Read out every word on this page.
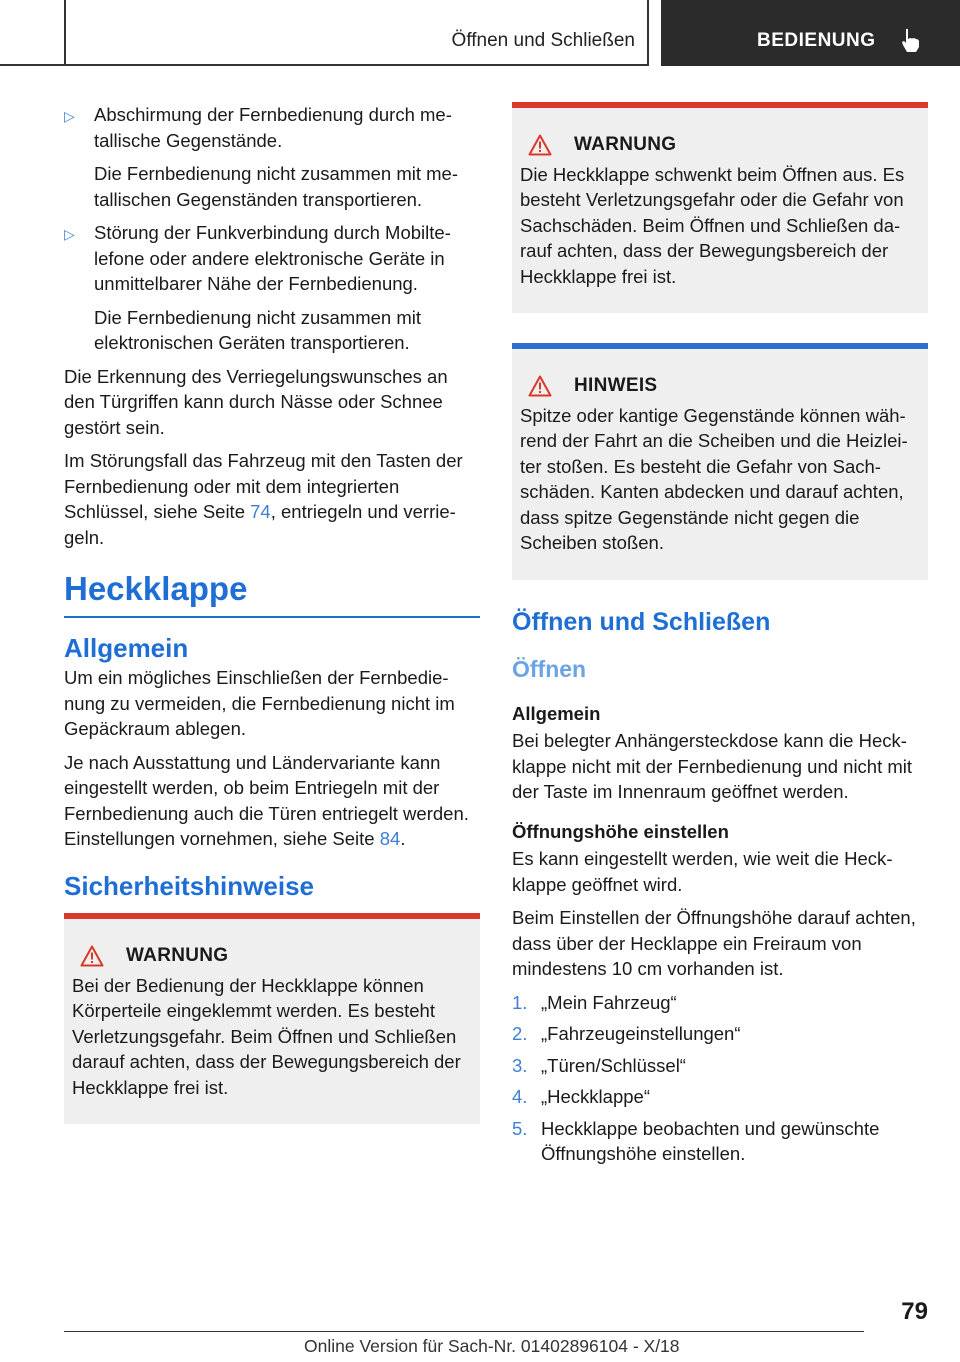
Öffnen und Schließen	BEDIENUNG
▷ Abschirmung der Fernbedienung durch metallische Gegenstände.

Die Fernbedienung nicht zusammen mit metallischen Gegenständen transportieren.

▷ Störung der Funkverbindung durch Mobiltelefone oder andere elektronische Geräte in unmittelbarer Nähe der Fernbedienung.

Die Fernbedienung nicht zusammen mit elektronischen Geräten transportieren.

Die Erkennung des Verriegelungswunsches an den Türgriffen kann durch Nässe oder Schnee gestört sein.

Im Störungsfall das Fahrzeug mit den Tasten der Fernbedienung oder mit dem integrierten Schlüssel, siehe Seite 74, entriegeln und verriegeln.

Heckklappe
Allgemein

Um ein mögliches Einschließen der Fernbedienung zu vermeiden, die Fernbedienung nicht im Gepäckraum ablegen.

Je nach Ausstattung und Ländervariante kann eingestellt werden, ob beim Entriegeln mit der Fernbedienung auch die Türen entriegelt werden. Einstellungen vornehmen, siehe Seite 84.

Sicherheitshinweise
WARNUNG
Bei der Bedienung der Heckklappe können Körperteile eingeklemmt werden. Es besteht Verletzungsgefahr. Beim Öffnen und Schließen darauf achten, dass der Bewegungsbereich der Heckklappe frei ist.
WARNUNG
Die Heckklappe schwenkt beim Öffnen aus. Es besteht Verletzungsgefahr oder die Gefahr von Sachschäden. Beim Öffnen und Schließen darauf achten, dass der Bewegungsbereich der Heckklappe frei ist.
HINWEIS
Spitze oder kantige Gegenstände können während der Fahrt an die Scheiben und die Heizleiter stoßen. Es besteht die Gefahr von Sachschäden. Kanten abdecken und darauf achten, dass spitze Gegenstände nicht gegen die Scheiben stoßen.
Öffnen und Schließen
Öffnen
Allgemein

Bei belegter Anhängersteckdose kann die Heckklappe nicht mit der Fernbedienung und nicht mit der Taste im Innenraum geöffnet werden.

Öffnungshöhe einstellen

Es kann eingestellt werden, wie weit die Heckklappe geöffnet wird.

Beim Einstellen der Öffnungshöhe darauf achten, dass über der Hecklappe ein Freiraum von mindestens 10 cm vorhanden ist.

1. „Mein Fahrzeug“
2. „Fahrzeugeinstellungen“
3. „Türen/Schlüssel“
4. „Heckklappe“
5. Heckklappe beobachten und gewünschte Öffnungshöhe einstellen.
79
Online Version für Sach-Nr. 01402896104 - X/18
